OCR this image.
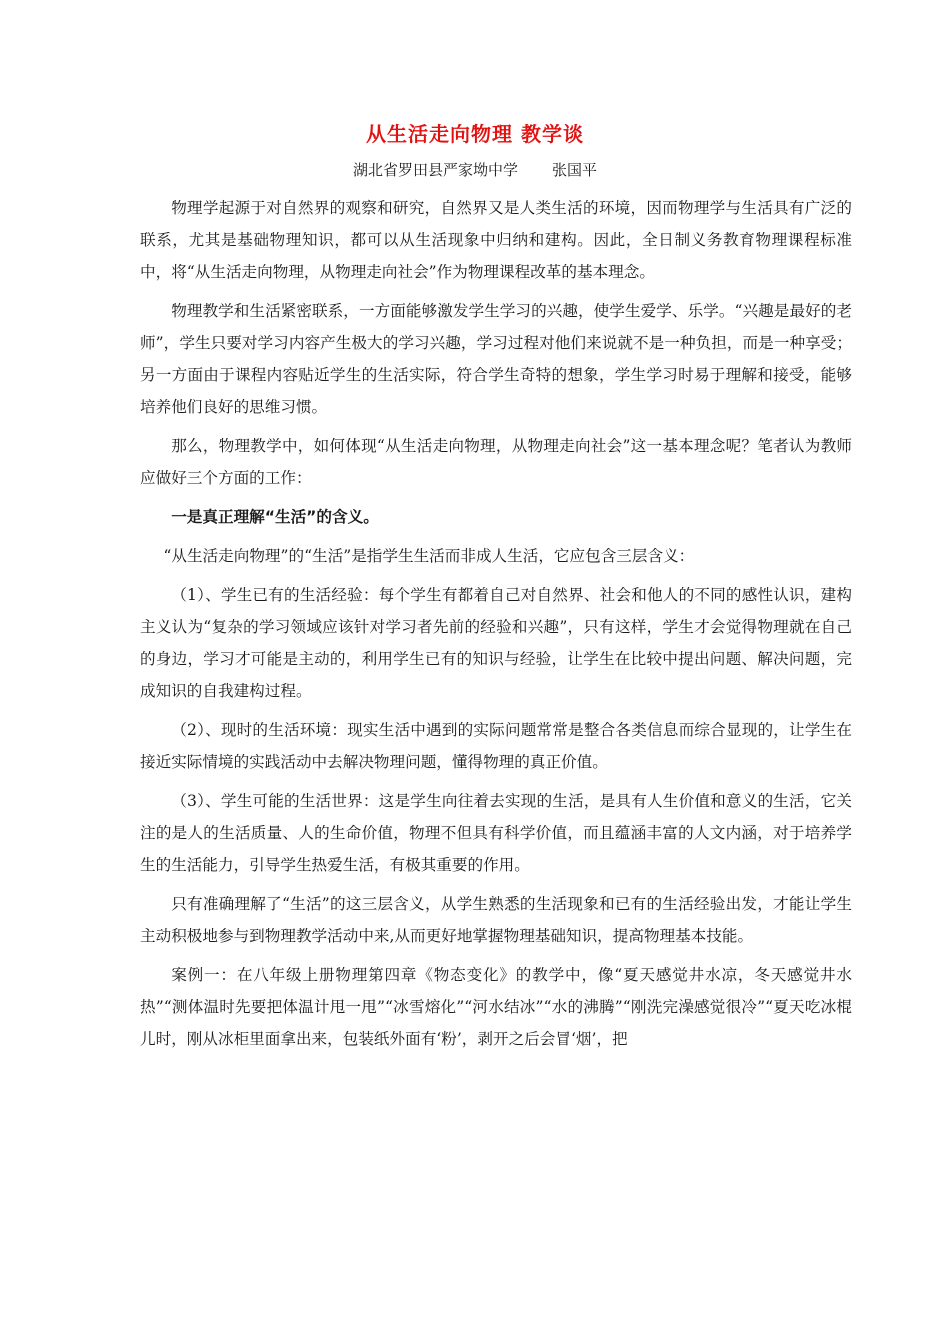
从生活走向物理 教学谈

湖北省罗田县严家坳中学 张国平

物理学起源于对自然界的观察和研究，自然界又是人类生活的环境，因而物理学与生活具有广泛的联系，尤其是基础物理知识，都可以从生活现象中归纳和建构。因此，全日制义务教育物理课程标准中，将“从生活走向物理，从物理走向社会”作为物理课程改革的基本理念。

物理教学和生活紧密联系，一方面能够激发学生学习的兴趣，使学生爱学、乐学。“兴趣是最好的老师”，学生只要对学习内容产生极大的学习兴趣，学习过程对他们来说就不是一种负担，而是一种享受；另一方面由于课程内容贴近学生的生活实际，符合学生奇特的想象，学生学习时易于理解和接受，能够培养他们良好的思维习惯。

那么，物理教学中，如何体现“从生活走向物理，从物理走向社会”这一基本理念呢？笔者认为教师应做好三个方面的工作：

一是真正理解“生活”的含义。

“从生活走向物理”的“生活”是指学生生活而非成人生活，它应包含三层含义：

（1）、学生已有的生活经验：每个学生有都着自己对自然界、社会和他人的不同的感性认识，建构主义认为“复杂的学习领域应该针对学习者先前的经验和兴趣”，只有这样，学生才会觉得物理就在自己的身边，学习才可能是主动的，利用学生已有的知识与经验，让学生在比较中提出问题、解决问题，完成知识的自我建构过程。

（2）、现时的生活环境：现实生活中遇到的实际问题常常是整合各类信息而综合显现的，让学生在接近实际情境的实践活动中去解决物理问题，懂得物理的真正价值。

（3）、学生可能的生活世界：这是学生向往着去实现的生活，是具有人生价值和意义的生活，它关注的是人的生活质量、人的生命价值，物理不但具有科学价值，而且蕴涵丰富的人文内涵，对于培养学生的生活能力，引导学生热爱生活，有极其重要的作用。

只有准确理解了“生活”的这三层含义，从学生熟悉的生活现象和已有的生活经验出发，才能让学生主动积极地参与到物理教学活动中来,从而更好地掌握物理基础知识，提高物理基本技能。

案例一：在八年级上册物理第四章《物态变化》的教学中，像“夏天感觉井水凉，冬天感觉井水热”“测体温时先要把体温计甩一甩”“冰雪熔化”“河水结冰”“水的沸腾”“刚洗完澡感觉很冷”“夏天吃冰棍儿时，刚从冰柜里面拿出来，包装纸外面有‘粉’，剥开之后会冒‘烟’，把
